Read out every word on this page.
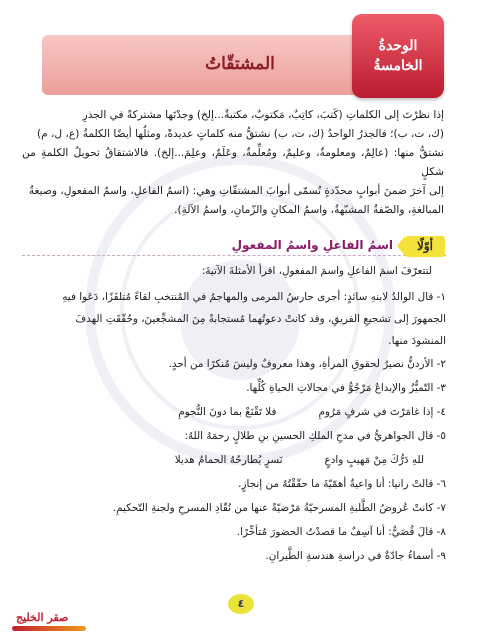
المشتقّاتُ
الوحدةُ
الخامسةُ

إذا نظرْتَ إلى الكلماتِ (كَتبَ، كاتِبٌ، مَكتوبٌ، مكتبةٌ...إلخ) وجدْتَها مشتركةً في الجذرِ

(ك، ت، ب)؛ فالجذرُ الواحدُ (ك، ت، ب) نشتقُّ منه كلماتٍ عديدةً، ومثلُها أيضًا الكلمةُ (ع، ل، م)

نشتقُّ منها: (عالِمٌ، ومعلومةٌ، وعليمٌ، ومُعلِّمةٌ، وعَلَمٌ، وعلِمَ...إلخ). فالاشتقاقُ تحويلُ الكلمةِ من شكلٍ

إلى آخرَ ضمنَ أبوابٍ محدّدةٍ تُسمّى أبوابَ المشتقّاتِ وهي: (اسمُ الفاعلِ، واسمُ المفعولِ، وصيغةُ

المبالغةِ، والصّفةُ المشبّهةُ، واسمُ المكانِ والزّمانِ، واسمُ الآلةِ).

أوّلًا
اسمُ الفاعلِ واسمُ المفعولِ
لتتعرّفَ اسمَ الفاعلِ واسمَ المفعولِ، اقرأ الأمثلةَ الآتيةَ:
١- قال الوالدُ لابنهِ سائدٍ: أجرى حارسُ المرمى والمهاجمُ في المُنتخبِ لقاءً مُتلفَزًا، دَعَوا فيهِ
الجمهورَ إلى تشجيعِ الفريقِ، وقد كانتْ دعوتُهما مُستجابةً مِنَ المشجِّعينَ، وحُقّقَتِ الهدفَ
المنشودَ منها.
٢- الأردنُّ نصيرٌ لحقوقِ المرأةِ، وهذا معروفٌ وليسَ مُنكرًا من أحدٍ.
٣- التّميُّزُ والإبداعُ مَرْجُوٌّ في مجالاتِ الحياةِ كُلِّها.
٤- إذا غامَرْتَ في شرفٍ مَرُومِ
فلا تَقْنَعْ بما دونَ النُّجومِ
٥- قال الجواهريُّ في مدحِ الملكِ الحسينِ بنِ طلالٍ رحمَهُ اللهُ:
للهِ دَرُّكَ مِنْ مَهيبٍ وادعٍ
نَسرٍ يُطارحُهُ الحمامُ هديلا
٦- قالتْ رانيا: أنا واعيةٌ أهمّيّةَ ما حقّقْتُهُ من إنجازٍ.
٧- كانتْ عُروضُ الطَّلبةِ المسرحيّةُ مَرْضيّةً عنها من نُقّادِ المسرحِ ولجنةِ التّحكيمِ.
٨- قالَ قُصَيٌّ: أنا آسِفٌ ما قصدْتُ الحضورَ مُتأخِّرًا.
٩- أسماءُ جادّةٌ في دراسةِ هندسةِ الطَّيرانِ.
٤
صقر الخليج
